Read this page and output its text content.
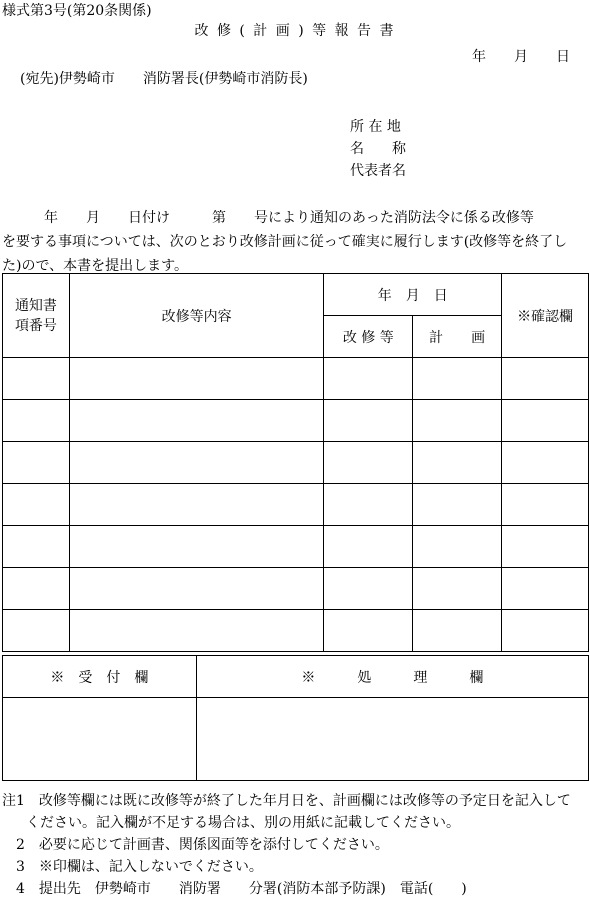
様式第3号(第20条関係)
改 修 ( 計 画 ) 等 報 告 書
年　　月　　日
(宛先)伊勢崎市　　消防署長(伊勢崎市消防長)
所 在 地
名　　称
代表者名
　　　年　　月　　日付け　　　第　　号により通知のあった消防法令に係る改修等
を要する事項については、次のとおり改修計画に従って確実に履行します(改修等を終了し
た)ので、本書を提出します。
通知書
項番号	改修等内容	年　月　日		※確認欄
		改 修 等	計　　画	

※　受　付　欄	※　　　処　　　理　　　欄

注1　改修等欄には既に改修等が終了した年月日を、計画欄には改修等の予定日を記入して
ください。記入欄が不足する場合は、別の用紙に記載してください。
2　必要に応じて計画書、関係図面等を添付してください。
3　※印欄は、記入しないでください。
4　提出先　伊勢崎市　　消防署　　分署(消防本部予防課)　電話(　　)
